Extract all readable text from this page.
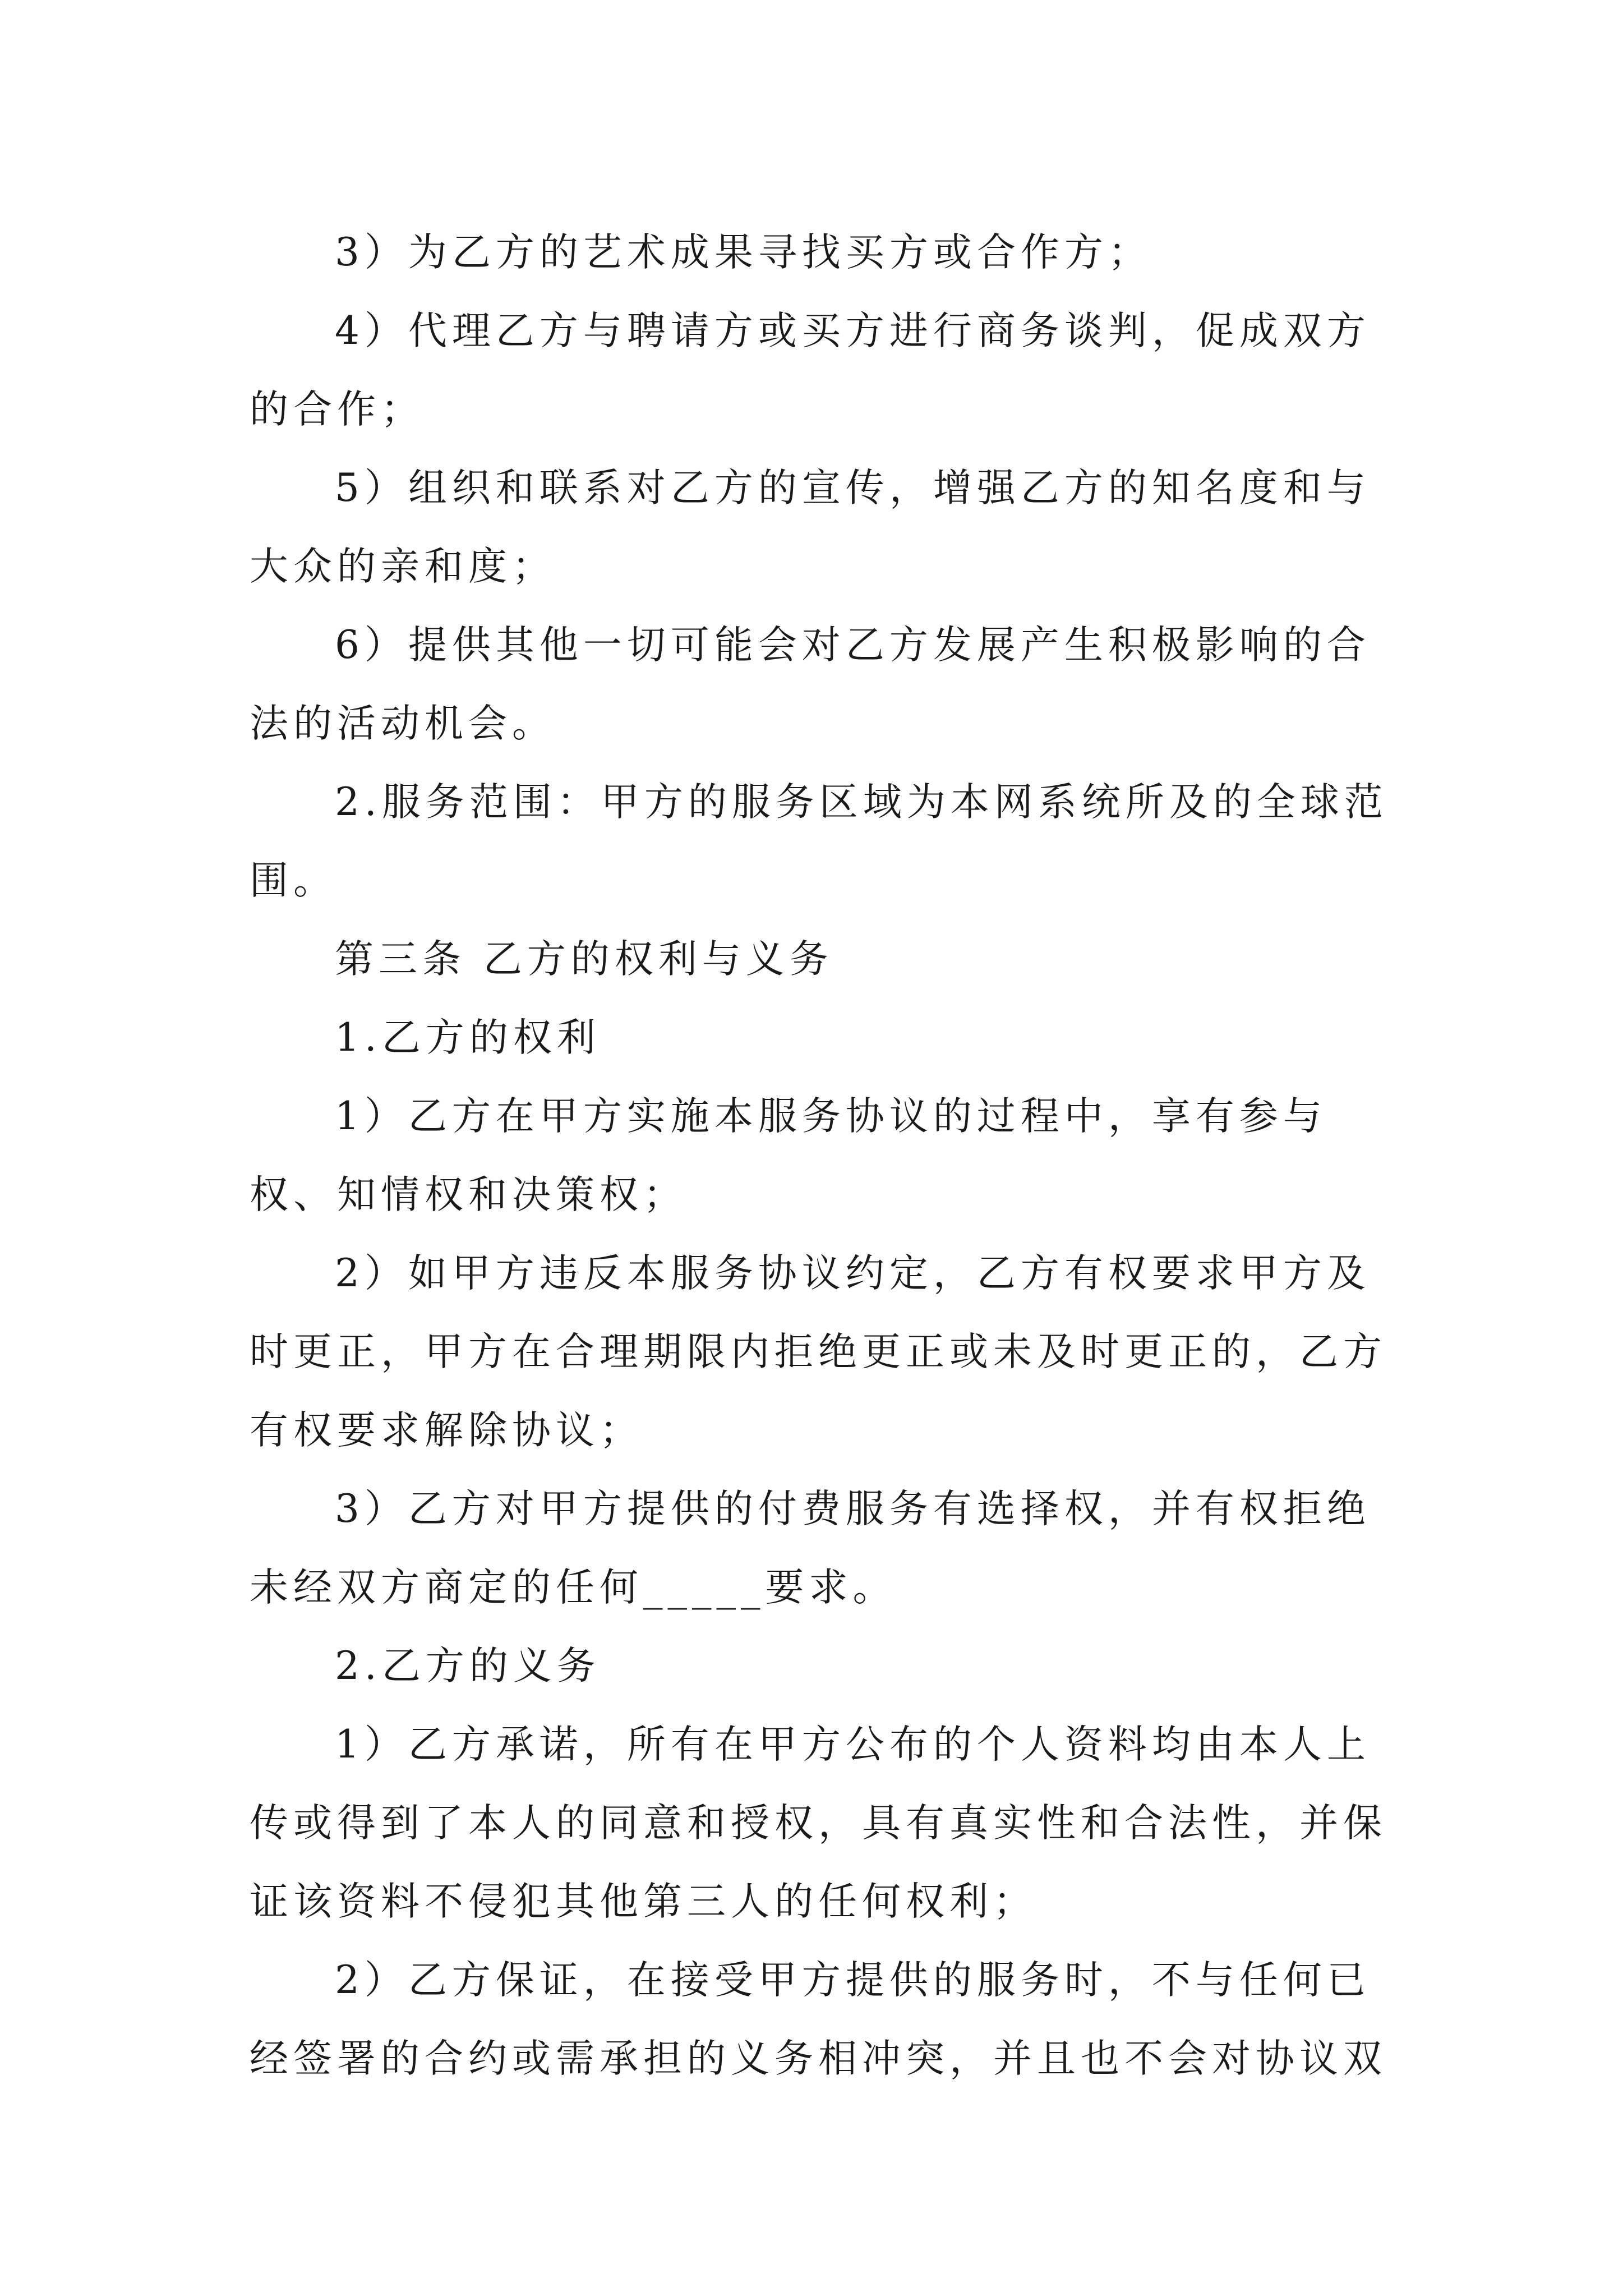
3）为乙方的艺术成果寻找买方或合作方；

4）代理乙方与聘请方或买方进行商务谈判，促成双方的合作；

5）组织和联系对乙方的宣传，增强乙方的知名度和与大众的亲和度；

6）提供其他一切可能会对乙方发展产生积极影响的合法的活动机会。

2.服务范围：甲方的服务区域为本网系统所及的全球范围。

第三条 乙方的权利与义务

1.乙方的权利

1）乙方在甲方实施本服务协议的过程中，享有参与权、知情权和决策权；

2）如甲方违反本服务协议约定，乙方有权要求甲方及时更正，甲方在合理期限内拒绝更正或未及时更正的，乙方有权要求解除协议；

3）乙方对甲方提供的付费服务有选择权，并有权拒绝未经双方商定的任何_____要求。

2.乙方的义务

1）乙方承诺，所有在甲方公布的个人资料均由本人上传或得到了本人的同意和授权，具有真实性和合法性，并保证该资料不侵犯其他第三人的任何权利；

2）乙方保证，在接受甲方提供的服务时，不与任何已经签署的合约或需承担的义务相冲突，并且也不会对协议双
